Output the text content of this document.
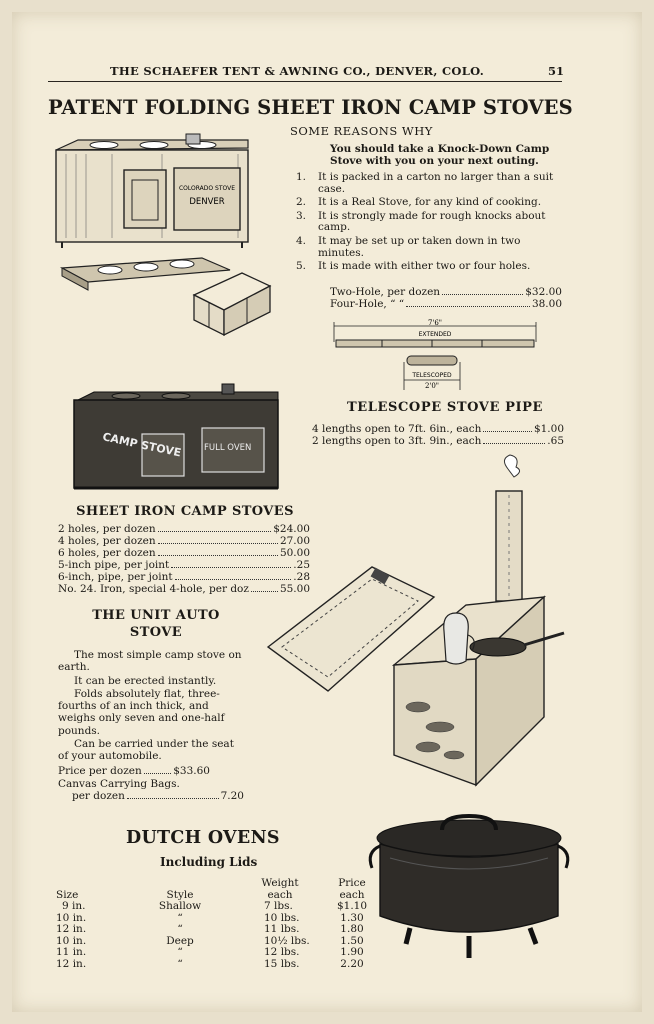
THE SCHAEFER TENT & AWNING CO., DENVER, COLO.	51
PATENT FOLDING SHEET IRON CAMP STOVES
SOME REASONS WHY
You should take a Knock-Down Camp Stove with you on your next outing.
1.	It is packed in a carton no larger than a suit case.
2.	It is a Real Stove, for any kind of cooking.
3.	It is strongly made for rough knocks about camp.
4.	It may be set up or taken down in two minutes.
5.	It is made with either two or four holes.
Two-Hole, per dozen	$32.00
Four-Hole, “ “	38.00
COLORADO STOVE
DENVER
7'6"
EXTENDED
TELESCOPED
2'0"
TELESCOPE STOVE PIPE
4 lengths open to 7ft. 6in., each	$1.00
2 lengths open to 3ft. 9in., each	.65
CAMP STOVE	FULL OVEN
SHEET IRON CAMP STOVES
2 holes, per dozen	$24.00
4 holes, per dozen	27.00
6 holes, per dozen	50.00
5-inch pipe, per joint	.25
6-inch, pipe, per joint	.28
No. 24. Iron, special 4-hole, per doz	55.00
THE UNIT AUTO
STOVE

The most simple camp stove on earth.

It can be erected instantly.

Folds absolutely flat, three-fourths of an inch thick, and weighs only seven and one-half pounds.

Can be carried under the seat of your automobile.

Price per dozen	$33.60
Canvas Carrying Bags.
per dozen	7.20
DUTCH OVENS
Including Lids
		Weight	Price
Size	Style	each	each
9 in.	Shallow	7 lbs.	$1.10
10 in.	“	10 lbs.	1.30
12 in.	“	11 lbs.	1.80
10 in.	Deep	10½ lbs.	1.50
11 in.	“	12 lbs.	1.90
12 in.	“	15 lbs.	2.20
